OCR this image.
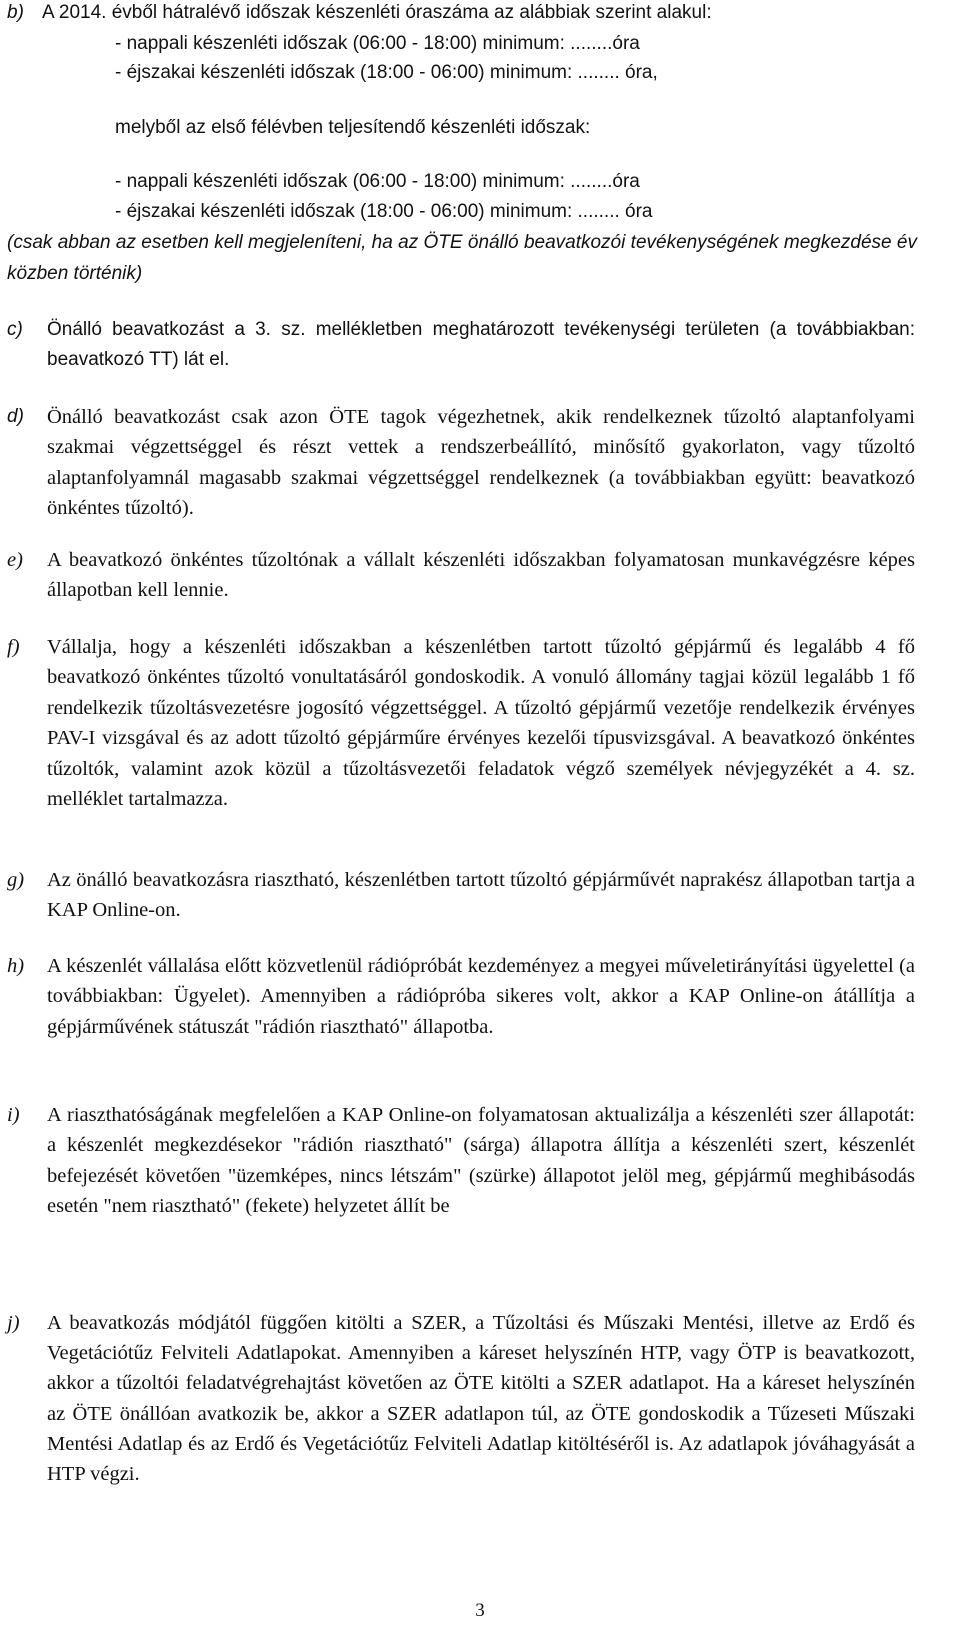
b) A 2014. évből hátralévő időszak készenléti óraszáma az alábbiak szerint alakul:
- nappali készenléti időszak (06:00 - 18:00) minimum: ........óra
- éjszakai készenléti időszak (18:00 - 06:00) minimum: ........ óra,
melyből az első félévben teljesítendő készenléti időszak:
- nappali készenléti időszak (06:00 - 18:00) minimum: ........óra
- éjszakai készenléti időszak (18:00 - 06:00) minimum: ........ óra
(csak abban az esetben kell megjeleníteni, ha az ÖTE önálló beavatkozói tevékenységének megkezdése év közben történik)
c) Önálló beavatkozást a 3. sz. mellékletben meghatározott tevékenységi területen (a továbbiakban: beavatkozó TT) lát el.
d) Önálló beavatkozást csak azon ÖTE tagok végezhetnek, akik rendelkeznek tűzoltó alaptanfolyami szakmai végzettséggel és részt vettek a rendszerbeállító, minősítő gyakorlaton, vagy tűzoltó alaptanfolyamnál magasabb szakmai végzettséggel rendelkeznek (a továbbiakban együtt: beavatkozó önkéntes tűzoltó).
e) A beavatkozó önkéntes tűzoltónak a vállalt készenléti időszakban folyamatosan munkavégzésre képes állapotban kell lennie.
f) Vállalja, hogy a készenléti időszakban a készenlétben tartott tűzoltó gépjármű és legalább 4 fő beavatkozó önkéntes tűzoltó vonultatásáról gondoskodik. A vonuló állomány tagjai közül legalább 1 fő rendelkezik tűzoltásvezetésre jogosító végzettséggel. A tűzoltó gépjármű vezetője rendelkezik érvényes PAV-I vizsgával és az adott tűzoltó gépjárműre érvényes kezelői típusvizsgával. A beavatkozó önkéntes tűzoltók, valamint azok közül a tűzoltásvezetői feladatok végző személyek névjegyzékét a 4. sz. melléklet tartalmazza.
g) Az önálló beavatkozásra riasztható, készenlétben tartott tűzoltó gépjárművét naprakész állapotban tartja a KAP Online-on.
h) A készenlét vállalása előtt közvetlenül rádiópróbát kezdeményez a megyei műveletirányítási ügyelettel (a továbbiakban: Ügyelet). Amennyiben a rádiópróba sikeres volt, akkor a KAP Online-on átállítja a gépjárművének státuszát "rádión riasztható" állapotba.
i) A riaszthatóságának megfelelően a KAP Online-on folyamatosan aktualizálja a készenléti szer állapotát: a készenlét megkezdésekor "rádión riasztható" (sárga) állapotra állítja a készenléti szert, készenlét befejezését követően "üzemképes, nincs létszám" (szürke) állapotot jelöl meg, gépjármű meghibásodás esetén "nem riasztható" (fekete) helyzetet állít be
j) A beavatkozás módjától függően kitölti a SZER, a Tűzoltási és Műszaki Mentési, illetve az Erdő és Vegetációtűz Felviteli Adatlapokat. Amennyiben a káreset helyszínén HTP, vagy ÖTP is beavatkozott, akkor a tűzoltói feladatvégrehajtást követően az ÖTE kitölti a SZER adatlapot. Ha a káreset helyszínén az ÖTE önállóan avatkozik be, akkor a SZER adatlapon túl, az ÖTE gondoskodik a Tűzeseti Műszaki Mentési Adatlap és az Erdő és Vegetációtűz Felviteli Adatlap kitöltéséről is. Az adatlapok jóváhagyását a HTP végzi.
3
